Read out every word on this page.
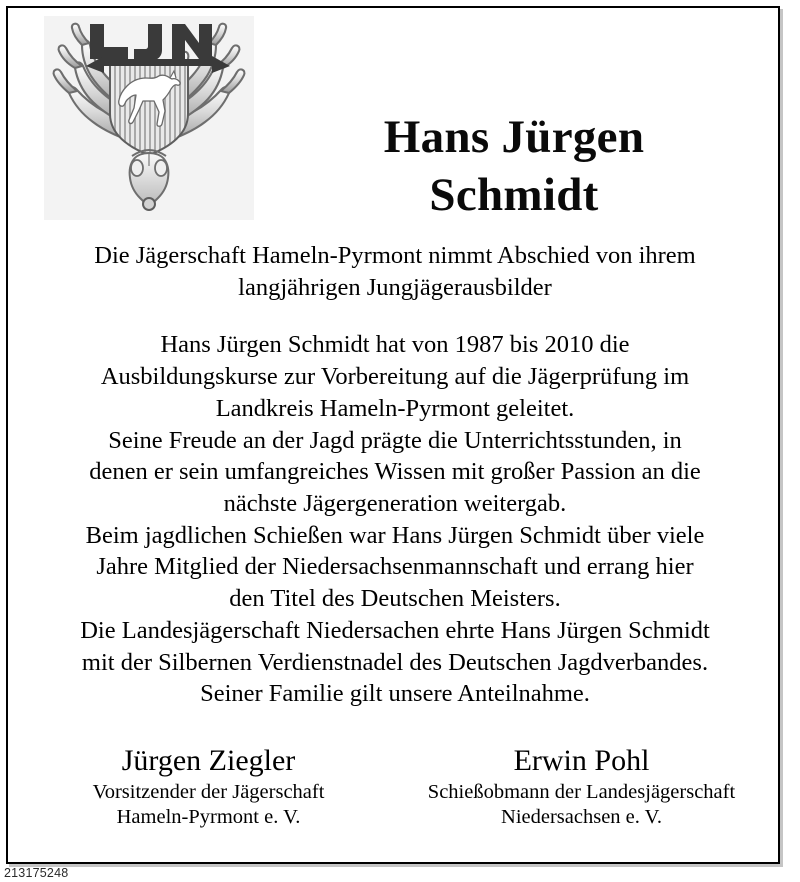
Hans Jürgen
Schmidt

Die Jägerschaft Hameln-Pyrmont nimmt Abschied von ihrem
langjährigen Jungjägerausbilder

Hans Jürgen Schmidt hat von 1987 bis 2010 die
Ausbildungskurse zur Vorbereitung auf die Jägerprüfung im
Landkreis Hameln-Pyrmont geleitet.
Seine Freude an der Jagd prägte die Unterrichtsstunden, in
denen er sein umfangreiches Wissen mit großer Passion an die
nächste Jägergeneration weitergab.
Beim jagdlichen Schießen war Hans Jürgen Schmidt über viele
Jahre Mitglied der Niedersachsenmannschaft und errang hier
den Titel des Deutschen Meisters.
Die Landesjägerschaft Niedersachen ehrte Hans Jürgen Schmidt
mit der Silbernen Verdienstnadel des Deutschen Jagdverbandes.
Seiner Familie gilt unsere Anteilnahme.

Jürgen Ziegler
Vorsitzender der Jägerschaft
Hameln-Pyrmont e. V.
Erwin Pohl
Schießobmann der Landesjägerschaft
Niedersachsen e. V.
213175248
